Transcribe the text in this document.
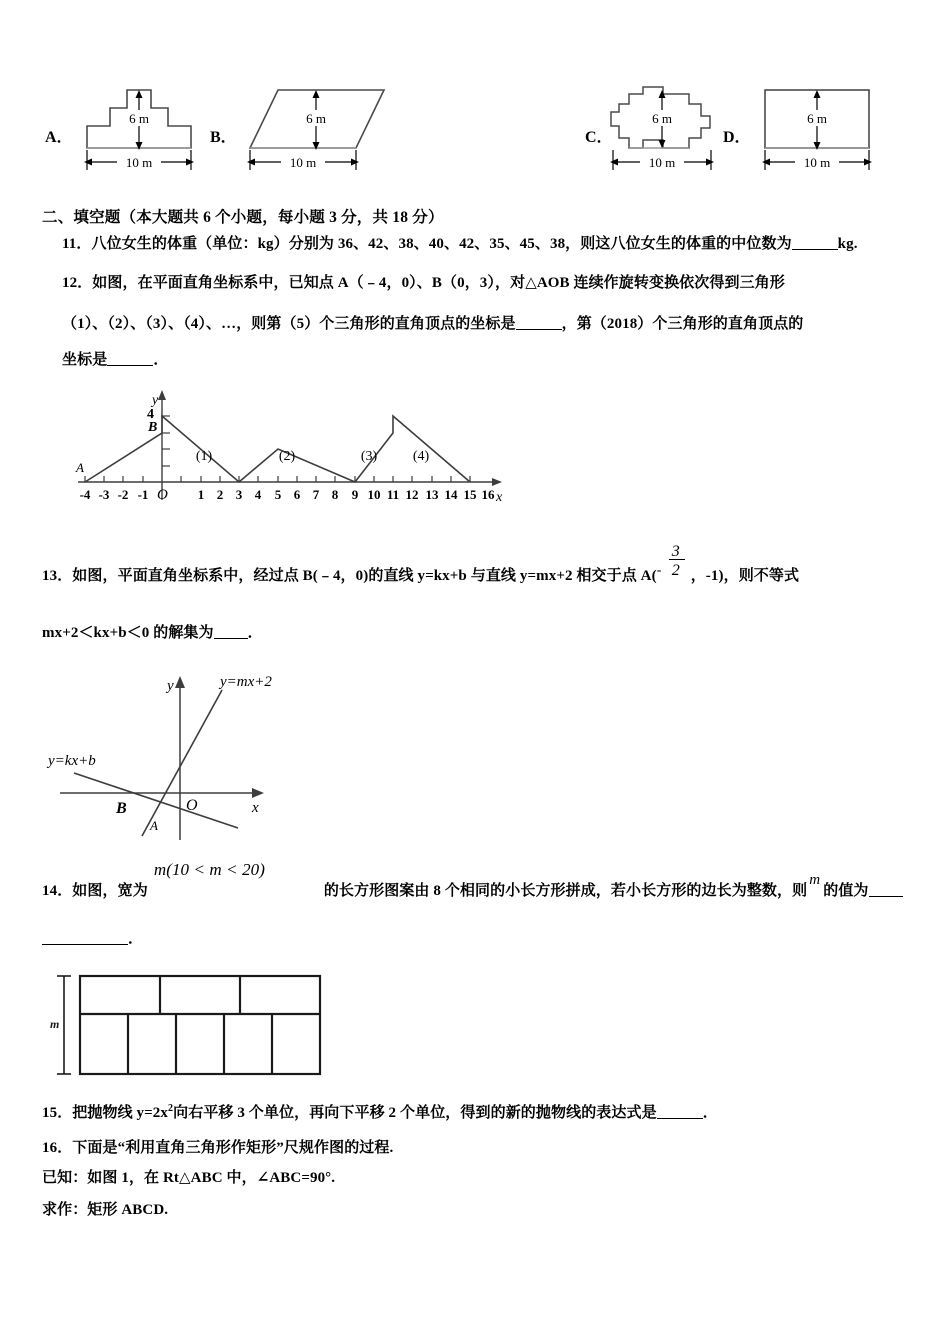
A．
6 m
10 m
B．
6 m
10 m
C．
6 m
10 m
D．
6 m
10 m
二、填空题（本大题共 6 个小题，每小题 3 分，共 18 分）
11．八位女生的体重（单位：kg）分别为 36、42、38、40、42、35、45、38，则这八位女生的体重的中位数为	kg.
12．如图，在平面直角坐标系中，已知点 A（﹣4，0）、B（0，3），对△AOB 连续作旋转变换依次得到三角形
（1）、（2）、（3）、（4）、…，则第（5）个三角形的直角顶点的坐标是	，第（2018）个三角形的直角顶点的
坐标是	．
-4 -3 -2 -1	1 2 3 4 5 6 7 8 9 10 11 12 13 14 15 16
y
x
O
A
B
4
(1)	(2)	(3)	(4)
13．如图，平面直角坐标系中，经过点 B(﹣4，0)的直线 y=kx+b 与直线 y=mx+2 相交于点 A( -
3
2 ，-1)，则不等式
mx+2＜kx+b＜0 的解集为 ．
y
x
O
B
A
y=mx+2
y=kx+b
14．如图，宽为
m(10 < m < 20)
的长方形图案由 8 个相同的小长方形拼成，若小长方形的边长为整数，则
m
的值为
．
m
15．把抛物线 $y=2x^2$向右平移 3 个单位，再向下平移 2 个单位，得到的新的抛物线的表达式是	．
16．下面是“利用直角三角形作矩形”尺规作图的过程.
已知：如图 1，在 Rt△ABC 中，∠ABC=90°.
求作：矩形 ABCD.
